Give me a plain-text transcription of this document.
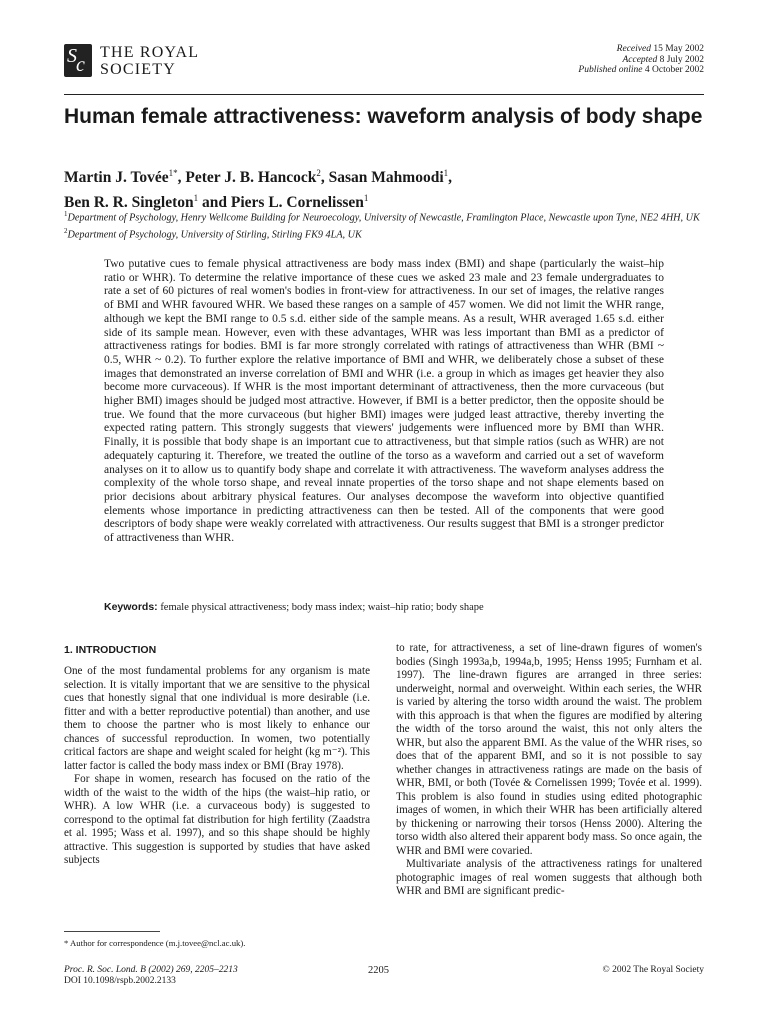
S c
THE ROYAL
SOCIETY
Received 15 May 2002
Accepted 8 July 2002
Published online 4 October 2002
Human female attractiveness: waveform analysis of body shape
Martin J. Tovée$^{1*}$, Peter J. B. Hancock$^2$, Sasan Mahmoodi$^1$,
Ben R. R. Singleton$^1$ and Piers L. Cornelissen$^1$
$^1$Department of Psychology, Henry Wellcome Building for Neuroecology, University of Newcastle, Framlington Place, Newcastle upon Tyne, NE2 4HH, UK
$^2$Department of Psychology, University of Stirling, Stirling FK9 4LA, UK
Two putative cues to female physical attractiveness are body mass index (BMI) and shape (particularly the waist–hip ratio or WHR). To determine the relative importance of these cues we asked 23 male and 23 female undergraduates to rate a set of 60 pictures of real women's bodies in front-view for attractiveness. In our set of images, the relative ranges of BMI and WHR favoured WHR. We based these ranges on a sample of 457 women. We did not limit the WHR range, although we kept the BMI range to 0.5 s.d. either side of the sample means. As a result, WHR averaged 1.65 s.d. either side of its sample mean. However, even with these advantages, WHR was less important than BMI as a predictor of attractiveness ratings for bodies. BMI is far more strongly correlated with ratings of attractiveness than WHR (BMI ~ 0.5, WHR ~ 0.2). To further explore the relative importance of BMI and WHR, we deliberately chose a subset of these images that demonstrated an inverse correlation of BMI and WHR (i.e. a group in which as images get heavier they also become more curvaceous). If WHR is the most important determinant of attractiveness, then the more curvaceous (but higher BMI) images should be judged most attractive. However, if BMI is a better predictor, then the opposite should be true. We found that the more curvaceous (but higher BMI) images were judged least attractive, thereby inverting the expected rating pattern. This strongly suggests that viewers' judgements were influenced more by BMI than WHR. Finally, it is possible that body shape is an important cue to attractiveness, but that simple ratios (such as WHR) are not adequately capturing it. Therefore, we treated the outline of the torso as a waveform and carried out a set of waveform analyses on it to allow us to quantify body shape and correlate it with attractiveness. The waveform analyses address the complexity of the whole torso shape, and reveal innate properties of the torso shape and not shape elements based on prior decisions about arbitrary physical features. Our analyses decompose the waveform into objective quantified elements whose importance in predicting attractiveness can then be tested. All of the components that were good descriptors of body shape were weakly correlated with attractiveness. Our results suggest that BMI is a stronger predictor of attractiveness than WHR.
Keywords: female physical attractiveness; body mass index; waist–hip ratio; body shape
1. INTRODUCTION

One of the most fundamental problems for any organism is mate selection. It is vitally important that we are sensitive to the physical cues that honestly signal that one individual is more desirable (i.e. fitter and with a better reproductive potential) than another, and use them to choose the partner who is most likely to enhance our chances of successful reproduction. In women, two potentially critical factors are shape and weight scaled for height (kg m⁻²). This latter factor is called the body mass index or BMI (Bray 1978).

For shape in women, research has focused on the ratio of the width of the waist to the width of the hips (the waist–hip ratio, or WHR). A low WHR (i.e. a curvaceous body) is suggested to correspond to the optimal fat distribution for high fertility (Zaadstra et al. 1995; Wass et al. 1997), and so this shape should be highly attractive. This suggestion is supported by studies that have asked subjects

to rate, for attractiveness, a set of line-drawn figures of women's bodies (Singh 1993a,b, 1994a,b, 1995; Henss 1995; Furnham et al. 1997). The line-drawn figures are arranged in three series: underweight, normal and overweight. Within each series, the WHR is varied by altering the torso width around the waist. The problem with this approach is that when the figures are modified by altering the width of the torso around the waist, this not only alters the WHR, but also the apparent BMI. As the value of the WHR rises, so does that of the apparent BMI, and so it is not possible to say whether changes in attractiveness ratings are made on the basis of WHR, BMI, or both (Tovée & Cornelissen 1999; Tovée et al. 1999). This problem is also found in studies using edited photographic images of women, in which their WHR has been artificially altered by thickening or narrowing their torsos (Henss 2000). Altering the torso width also altered their apparent body mass. So once again, the WHR and BMI were covaried.

Multivariate analysis of the attractiveness ratings for unaltered photographic images of real women suggests that although both WHR and BMI are significant predic-

* Author for correspondence (m.j.tovee@ncl.ac.uk).
Proc. R. Soc. Lond. B (2002) 269, 2205–2213
DOI 10.1098/rspb.2002.2133
2205	© 2002 The Royal Society
